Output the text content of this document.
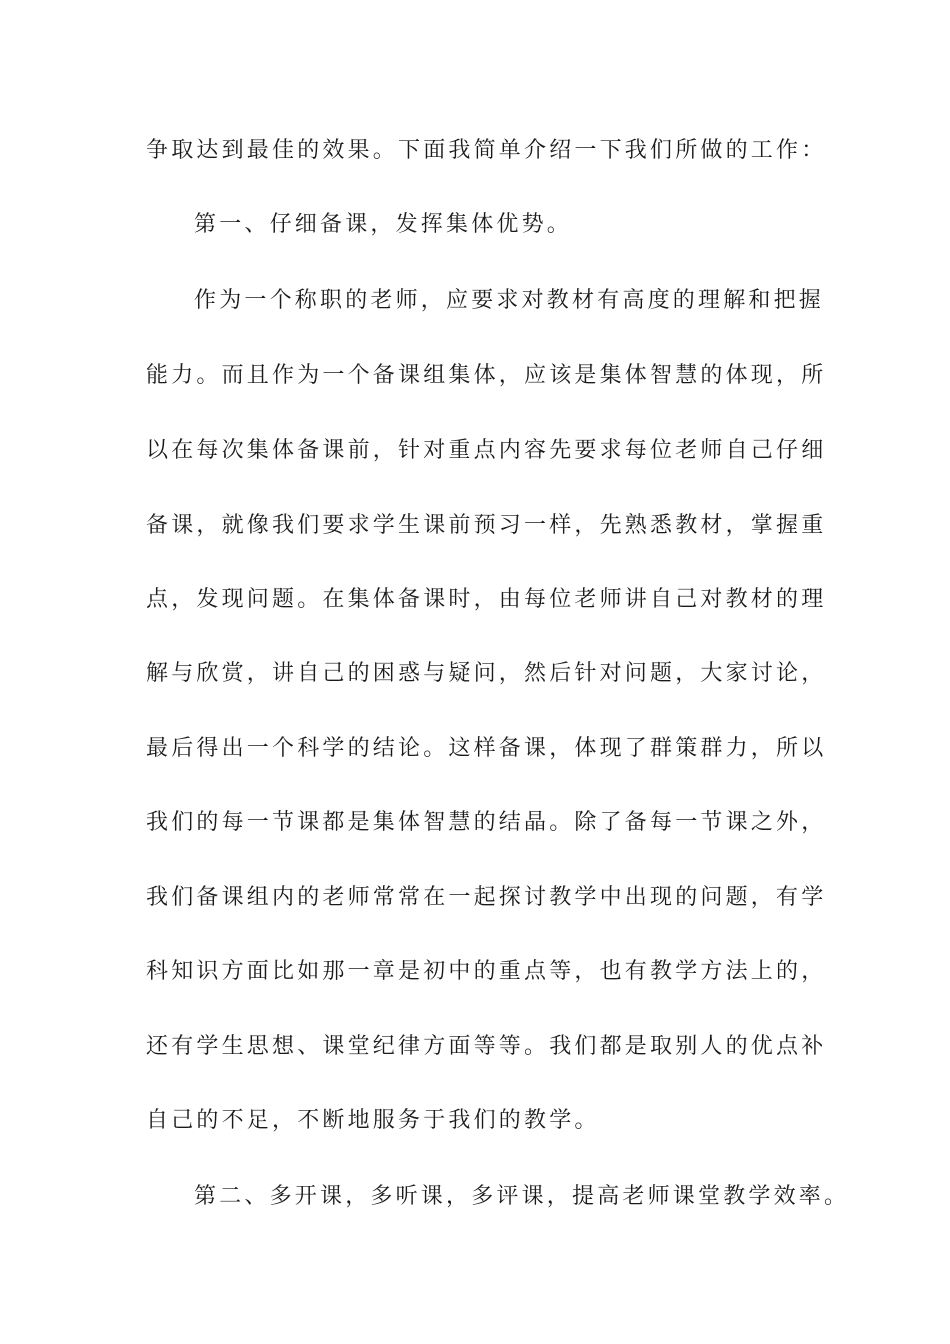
争取达到最佳的效果。下面我简单介绍一下我们所做的工作：
第一、仔细备课，发挥集体优势。
作为一个称职的老师，应要求对教材有高度的理解和把握
能力。而且作为一个备课组集体，应该是集体智慧的体现，所
以在每次集体备课前，针对重点内容先要求每位老师自己仔细
备课，就像我们要求学生课前预习一样，先熟悉教材，掌握重
点，发现问题。在集体备课时，由每位老师讲自己对教材的理
解与欣赏，讲自己的困惑与疑问，然后针对问题，大家讨论，
最后得出一个科学的结论。这样备课，体现了群策群力，所以
我们的每一节课都是集体智慧的结晶。除了备每一节课之外，
我们备课组内的老师常常在一起探讨教学中出现的问题，有学
科知识方面比如那一章是初中的重点等，也有教学方法上的，
还有学生思想、课堂纪律方面等等。我们都是取别人的优点补
自己的不足，不断地服务于我们的教学。
第二、多开课，多听课，多评课，提高老师课堂教学效率。
